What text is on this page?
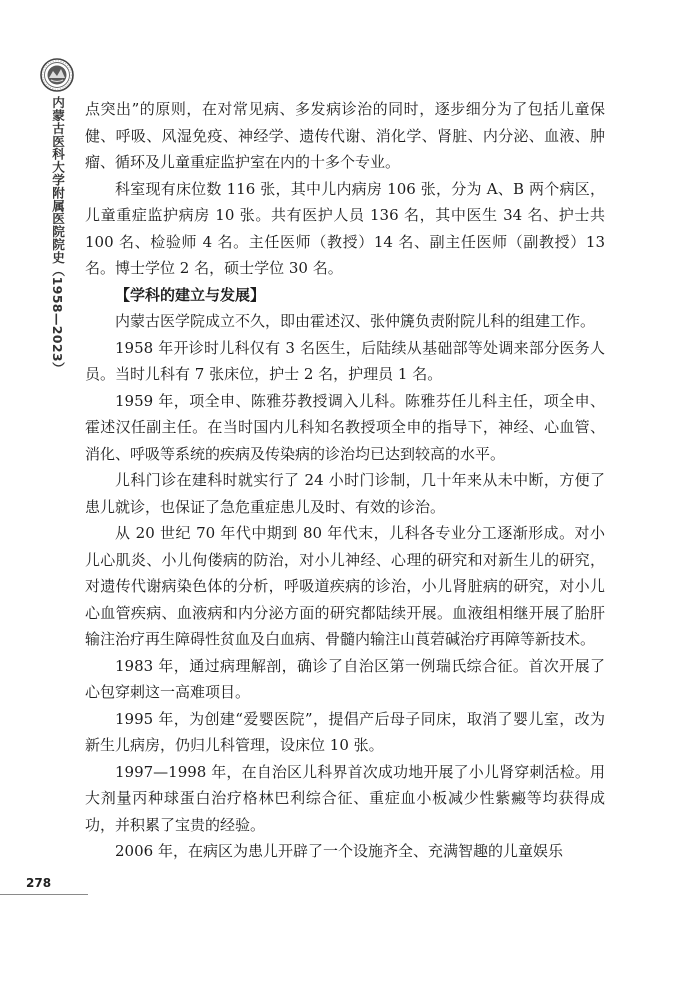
内蒙古医科大学附属医院院史（1958—2023）

点突出”的原则，在对常见病、多发病诊治的同时，逐步细分为了包括儿童保健、呼吸、风湿免疫、神经学、遗传代谢、消化学、肾脏、内分泌、血液、肿瘤、循环及儿童重症监护室在内的十多个专业。

科室现有床位数 116 张，其中儿内病房 106 张，分为 A、B 两个病区，儿童重症监护病房 10 张。共有医护人员 136 名，其中医生 34 名、护士共 100 名、检验师 4 名。主任医师（教授）14 名、副主任医师（副教授）13 名。博士学位 2 名，硕士学位 30 名。

【学科的建立与发展】

内蒙古医学院成立不久，即由霍述汉、张仲篪负责附院儿科的组建工作。

1958 年开诊时儿科仅有 3 名医生，后陆续从基础部等处调来部分医务人员。当时儿科有 7 张床位，护士 2 名，护理员 1 名。

1959 年，项全申、陈雅芬教授调入儿科。陈雅芬任儿科主任，项全申、霍述汉任副主任。在当时国内儿科知名教授项全申的指导下，神经、心血管、消化、呼吸等系统的疾病及传染病的诊治均已达到较高的水平。

儿科门诊在建科时就实行了 24 小时门诊制，几十年来从未中断，方便了患儿就诊，也保证了急危重症患儿及时、有效的诊治。

从 20 世纪 70 年代中期到 80 年代末，儿科各专业分工逐渐形成。对小儿心肌炎、小儿佝偻病的防治，对小儿神经、心理的研究和对新生儿的研究，对遗传代谢病染色体的分析，呼吸道疾病的诊治，小儿肾脏病的研究，对小儿心血管疾病、血液病和内分泌方面的研究都陆续开展。血液组相继开展了胎肝输注治疗再生障碍性贫血及白血病、骨髓内输注山莨菪碱治疗再障等新技术。

1983 年，通过病理解剖，确诊了自治区第一例瑞氏综合征。首次开展了心包穿刺这一高难项目。

1995 年，为创建“爱婴医院”，提倡产后母子同床，取消了婴儿室，改为新生儿病房，仍归儿科管理，设床位 10 张。

1997—1998 年，在自治区儿科界首次成功地开展了小儿肾穿刺活检。用大剂量丙种球蛋白治疗格林巴利综合征、重症血小板减少性紫癜等均获得成功，并积累了宝贵的经验。

2006 年，在病区为患儿开辟了一个设施齐全、充满智趣的儿童娱乐

278
